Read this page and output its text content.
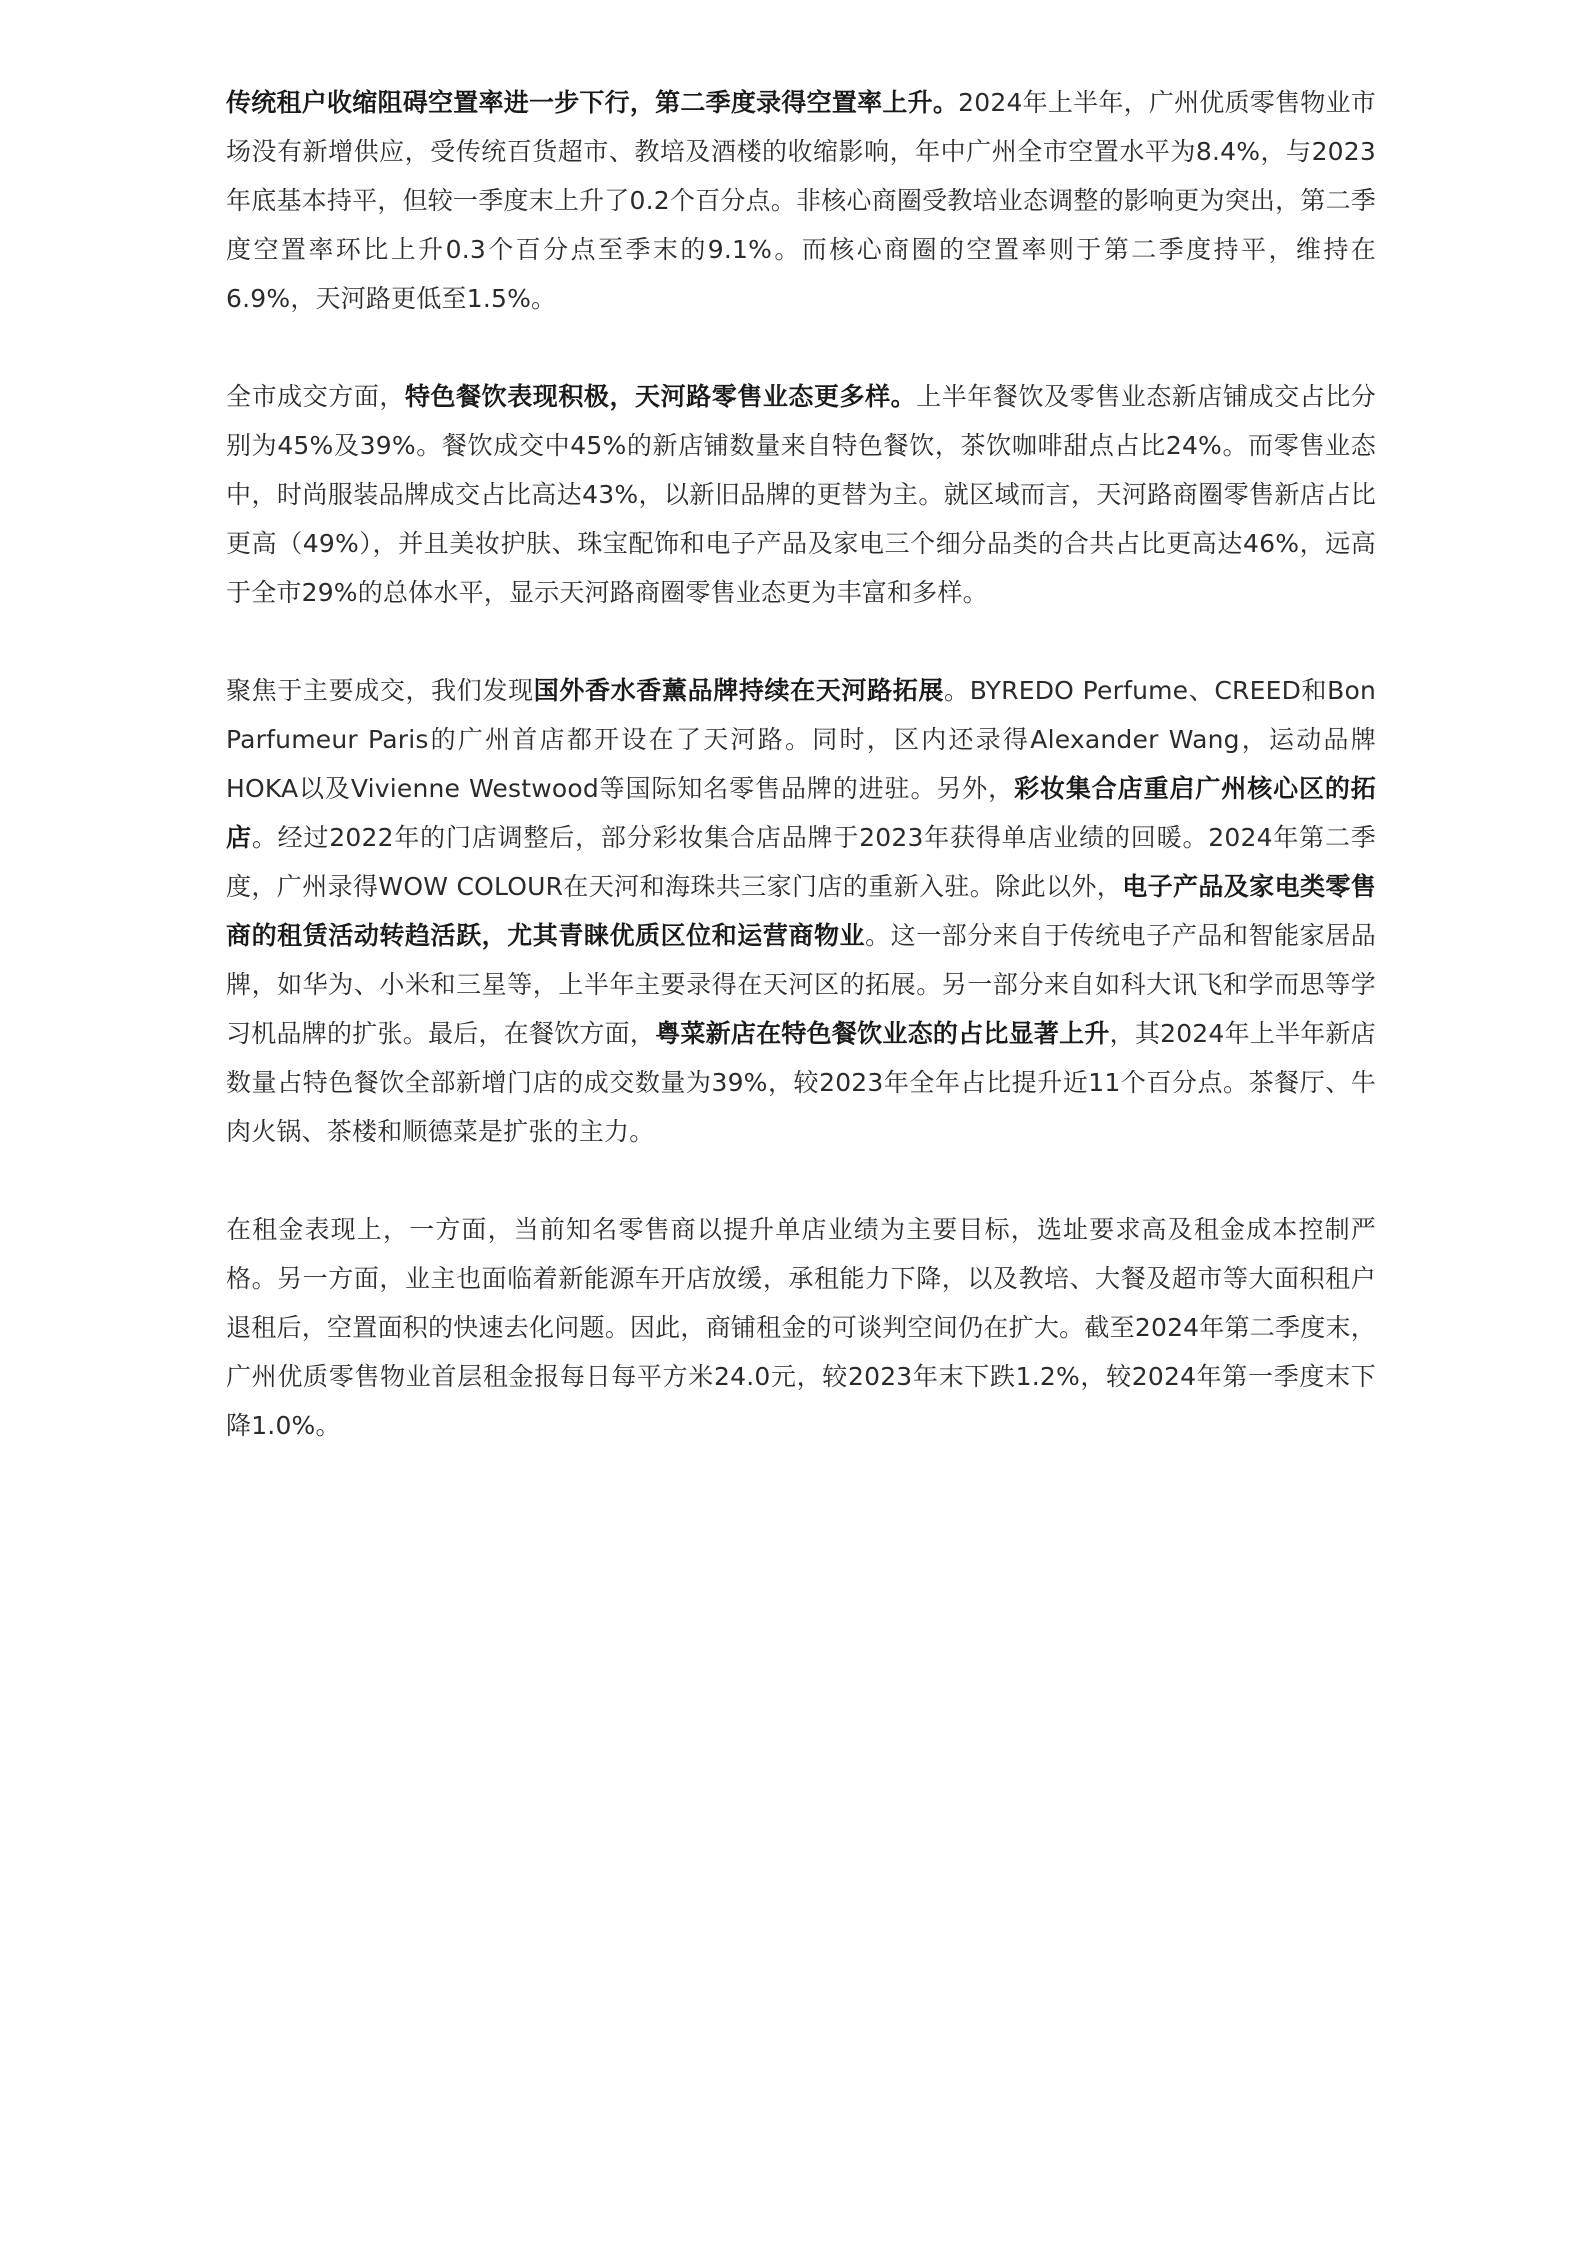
传统租户收缩阻碍空置率进一步下行，第二季度录得空置率上升。2024年上半年，广州优质零售物业市场没有新增供应，受传统百货超市、教培及酒楼的收缩影响，年中广州全市空置水平为8.4%，与2023年底基本持平，但较一季度末上升了0.2个百分点。非核心商圈受教培业态调整的影响更为突出，第二季度空置率环比上升0.3个百分点至季末的9.1%。而核心商圈的空置率则于第二季度持平，维持在6.9%，天河路更低至1.5%。

全市成交方面，特色餐饮表现积极，天河路零售业态更多样。上半年餐饮及零售业态新店铺成交占比分别为45%及39%。餐饮成交中45%的新店铺数量来自特色餐饮，茶饮咖啡甜点占比24%。而零售业态中，时尚服装品牌成交占比高达43%，以新旧品牌的更替为主。就区域而言，天河路商圈零售新店占比更高（49%），并且美妆护肤、珠宝配饰和电子产品及家电三个细分品类的合共占比更高达46%，远高于全市29%的总体水平，显示天河路商圈零售业态更为丰富和多样。

聚焦于主要成交，我们发现国外香水香薰品牌持续在天河路拓展。BYREDO Perfume、CREED和Bon Parfumeur Paris的广州首店都开设在了天河路。同时，区内还录得Alexander Wang，运动品牌HOKA以及Vivienne Westwood等国际知名零售品牌的进驻。另外，彩妆集合店重启广州核心区的拓店。经过2022年的门店调整后，部分彩妆集合店品牌于2023年获得单店业绩的回暖。2024年第二季度，广州录得WOW COLOUR在天河和海珠共三家门店的重新入驻。除此以外，电子产品及家电类零售商的租赁活动转趋活跃，尤其青睐优质区位和运营商物业。这一部分来自于传统电子产品和智能家居品牌，如华为、小米和三星等，上半年主要录得在天河区的拓展。另一部分来自如科大讯飞和学而思等学习机品牌的扩张。最后，在餐饮方面，粤菜新店在特色餐饮业态的占比显著上升，其2024年上半年新店数量占特色餐饮全部新增门店的成交数量为39%，较2023年全年占比提升近11个百分点。茶餐厅、牛肉火锅、茶楼和顺德菜是扩张的主力。

在租金表现上，一方面，当前知名零售商以提升单店业绩为主要目标，选址要求高及租金成本控制严格。另一方面，业主也面临着新能源车开店放缓，承租能力下降，以及教培、大餐及超市等大面积租户退租后，空置面积的快速去化问题。因此，商铺租金的可谈判空间仍在扩大。截至2024年第二季度末，广州优质零售物业首层租金报每日每平方米24.0元，较2023年末下跌1.2%，较2024年第一季度末下降1.0%。
